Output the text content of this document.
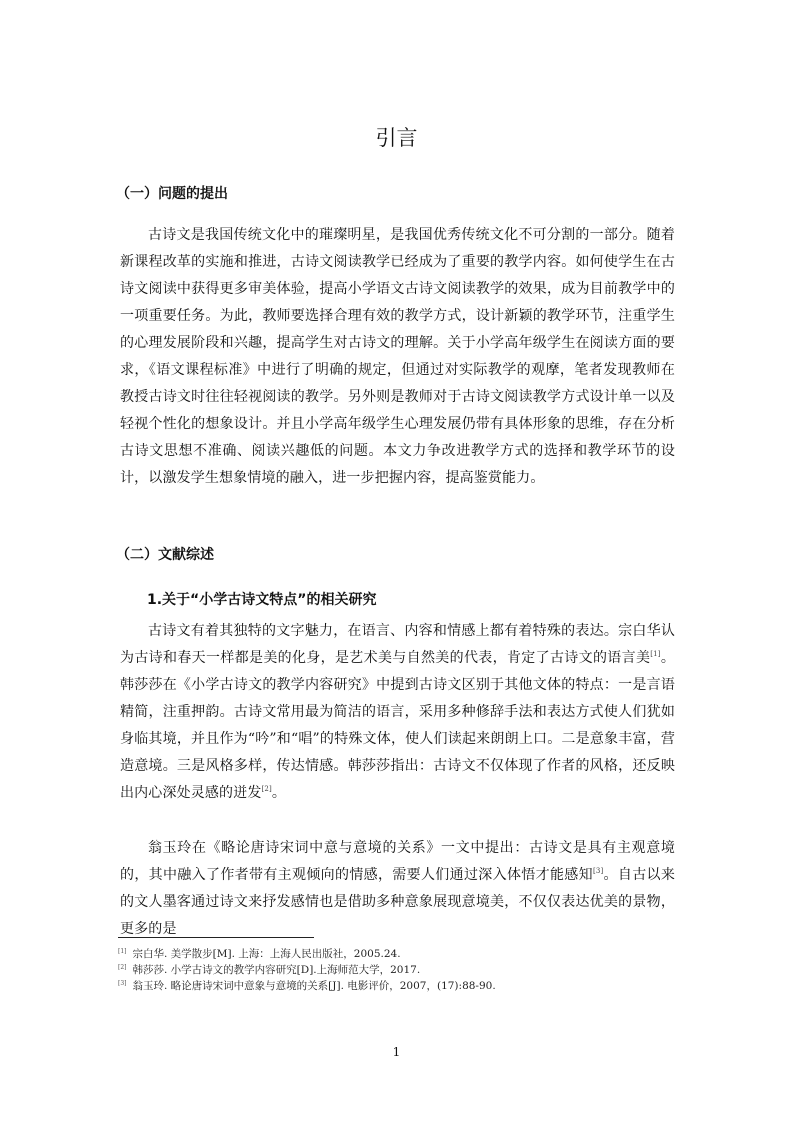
引言
（一）问题的提出

古诗文是我国传统文化中的璀璨明星，是我国优秀传统文化不可分割的一部分。随着新课程改革的实施和推进，古诗文阅读教学已经成为了重要的教学内容。如何使学生在古诗文阅读中获得更多审美体验，提高小学语文古诗文阅读教学的效果，成为目前教学中的一项重要任务。为此，教师要选择合理有效的教学方式，设计新颖的教学环节，注重学生的心理发展阶段和兴趣，提高学生对古诗文的理解。关于小学高年级学生在阅读方面的要求，《语文课程标准》中进行了明确的规定，但通过对实际教学的观摩，笔者发现教师在教授古诗文时往往轻视阅读的教学。另外则是教师对于古诗文阅读教学方式设计单一以及轻视个性化的想象设计。并且小学高年级学生心理发展仍带有具体形象的思维，存在分析古诗文思想不准确、阅读兴趣低的问题。本文力争改进教学方式的选择和教学环节的设计，以激发学生想象情境的融入，进一步把握内容，提高鉴赏能力。

（二）文献综述
1.关于“小学古诗文特点”的相关研究

古诗文有着其独特的文字魅力，在语言、内容和情感上都有着特殊的表达。宗白华认为古诗和春天一样都是美的化身，是艺术美与自然美的代表，肯定了古诗文的语言美[1]。韩莎莎在《小学古诗文的教学内容研究》中提到古诗文区别于其他文体的特点：一是言语精简，注重押韵。古诗文常用最为简洁的语言，采用多种修辞手法和表达方式使人们犹如身临其境，并且作为“吟”和“唱”的特殊文体，使人们读起来朗朗上口。二是意象丰富，营造意境。三是风格多样，传达情感。韩莎莎指出：古诗文不仅体现了作者的风格，还反映出内心深处灵感的迸发[2]。

翁玉玲在《略论唐诗宋词中意与意境的关系》一文中提出：古诗文是具有主观意境的，其中融入了作者带有主观倾向的情感，需要人们通过深入体悟才能感知[3]。自古以来的文人墨客通过诗文来抒发感情也是借助多种意象展现意境美，不仅仅表达优美的景物，更多的是

[1] 宗白华. 美学散步[M]. 上海：上海人民出版社，2005.24.
[2] 韩莎莎. 小学古诗文的教学内容研究[D].上海师范大学，2017.
[3] 翁玉玲. 略论唐诗宋词中意象与意境的关系[J]. 电影评价，2007，(17):88-90.
1
